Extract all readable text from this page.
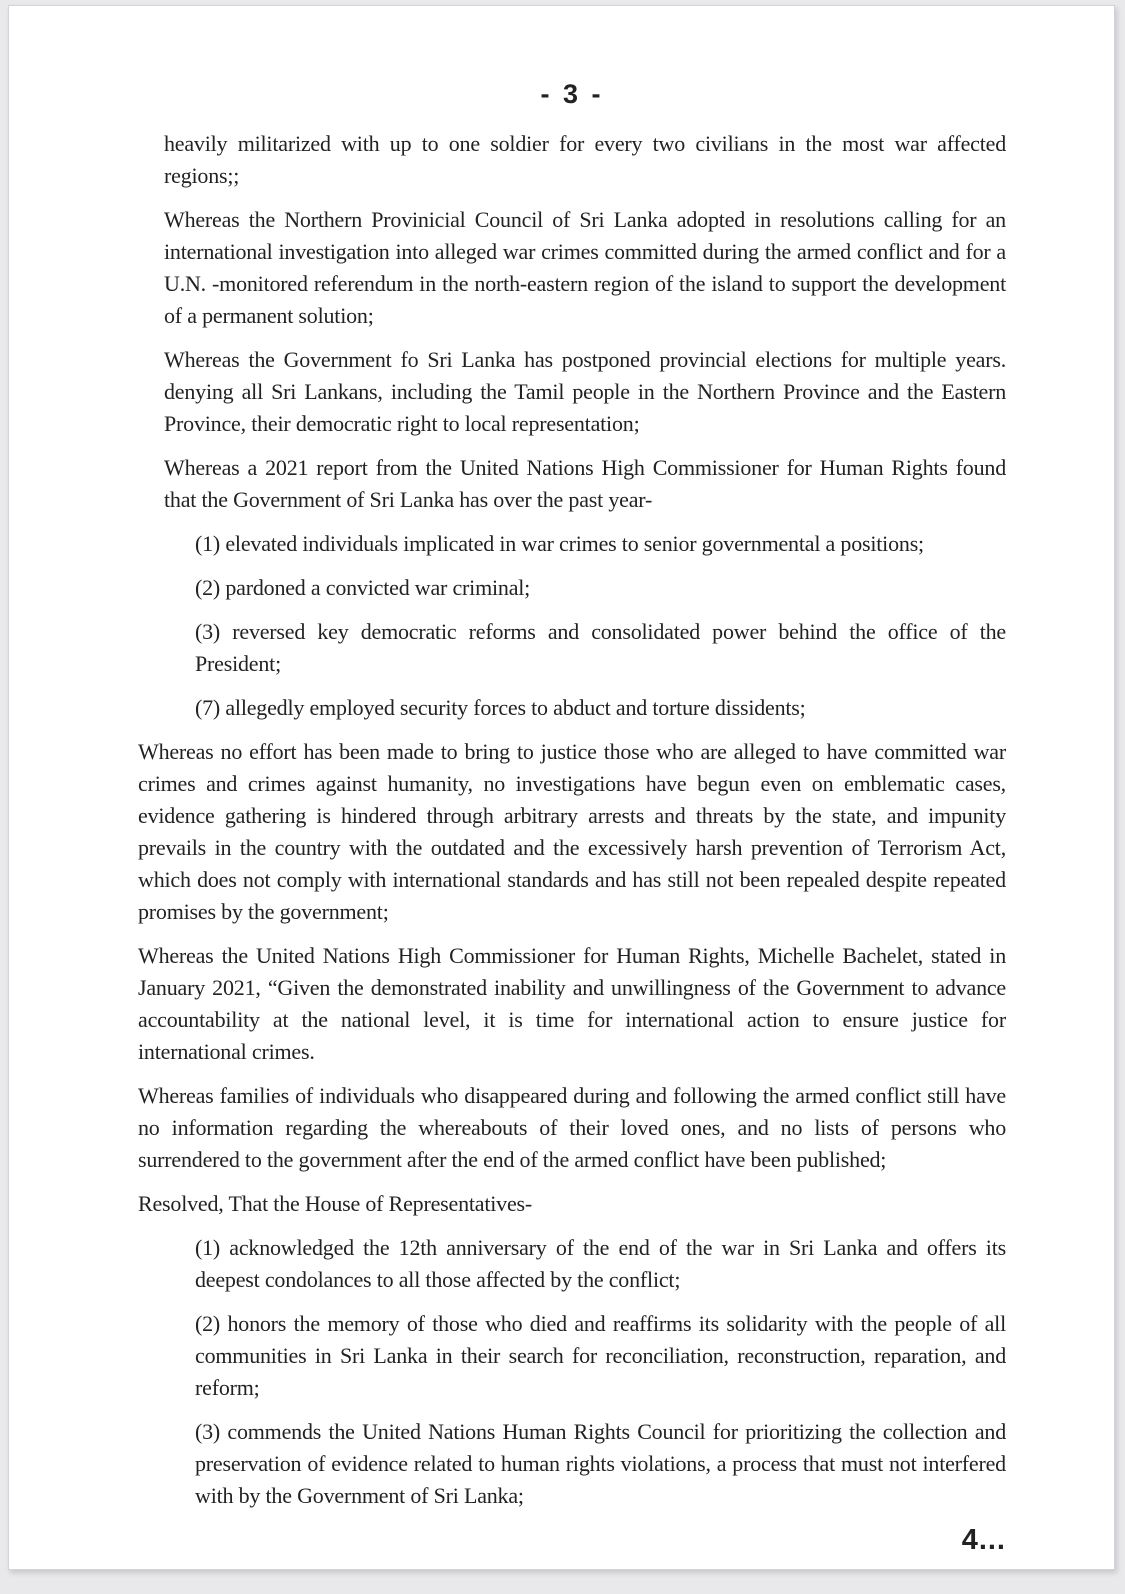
- 3 -

heavily militarized with up to one soldier for every two civilians in the most war affected regions;;

Whereas the Northern Provinicial Council of Sri Lanka adopted in resolutions calling for an international investigation into alleged war crimes committed during the armed conflict and for a U.N. -monitored referendum in the north-eastern region of the island to support the development of a permanent solution;

Whereas the Government fo Sri Lanka has postponed provincial elections for multiple years. denying all Sri Lankans, including the Tamil people in the Northern Province and the Eastern Province, their democratic right to local representation;

Whereas a 2021 report from the United Nations High Commissioner for Human Rights found that the Government of Sri Lanka has over the past year-

(1) elevated individuals implicated in war crimes to senior governmental a positions;

(2) pardoned a convicted war criminal;

(3) reversed key democratic reforms and consolidated power behind the office of the President;

(7) allegedly employed security forces to abduct and torture dissidents;

Whereas no effort has been made to bring to justice those who are alleged to have committed war crimes and crimes against humanity, no investigations have begun even on emblematic cases, evidence gathering is hindered through arbitrary arrests and threats by the state, and impunity prevails in the country with the outdated and the excessively harsh prevention of Terrorism Act, which does not comply with international standards and has still not been repealed despite repeated promises by the government;

Whereas the United Nations High Commissioner for Human Rights, Michelle Bachelet, stated in January 2021, “Given the demonstrated inability and unwillingness of the Government to advance accountability at the national level, it is time for international action to ensure justice for international crimes.

Whereas families of individuals who disappeared during and following the armed conflict still have no information regarding the whereabouts of their loved ones, and no lists of persons who surrendered to the government after the end of the armed conflict have been published;

Resolved, That the House of Representatives-

(1) acknowledged the 12th anniversary of the end of the war in Sri Lanka and offers its deepest condolances to all those affected by the conflict;

(2) honors the memory of those who died and reaffirms its solidarity with the people of all communities in Sri Lanka in their search for reconciliation, reconstruction, reparation, and reform;

(3) commends the United Nations Human Rights Council for prioritizing the collection and preservation of evidence related to human rights violations, a process that must not interfered with by the Government of Sri Lanka;

4...
